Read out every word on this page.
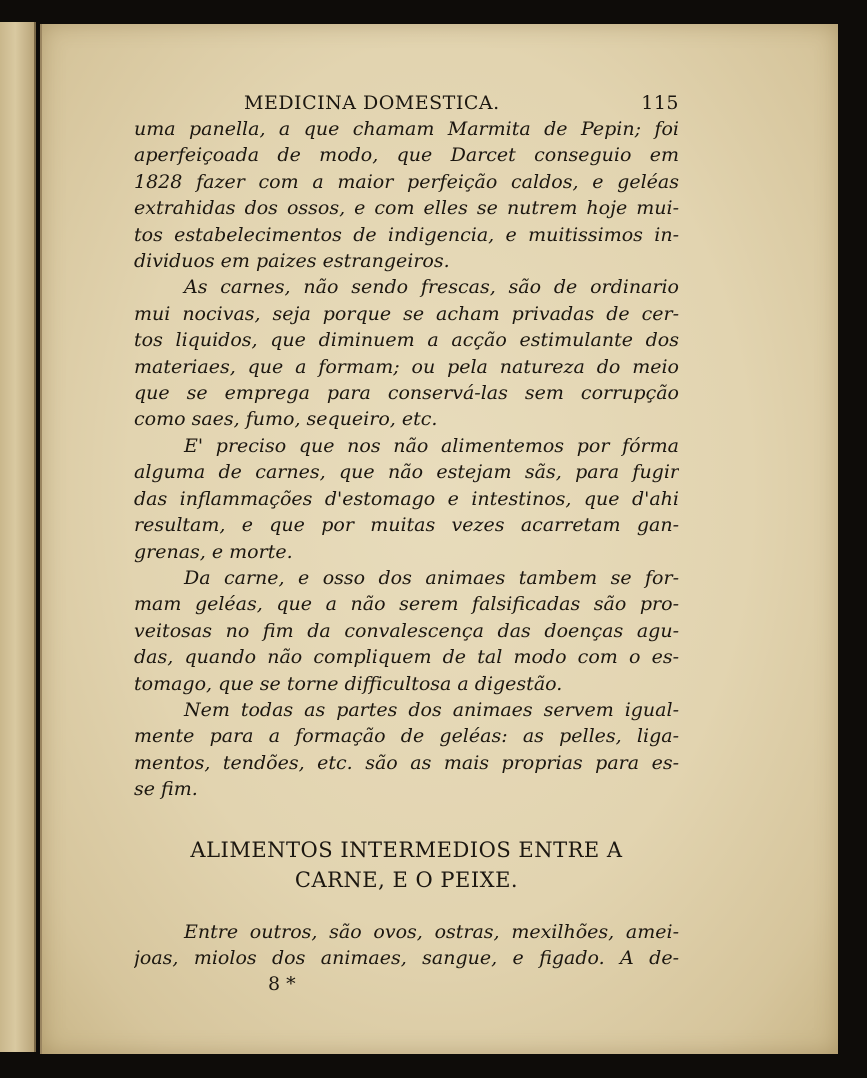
MEDICINA DOMESTICA.	115
uma panella, a que chamam Marmita de Pepin; foi
aperfeiçoada de modo, que Darcet conseguio em
1828 fazer com a maior perfeição caldos, e geléas
extrahidas dos ossos, e com elles se nutrem hoje mui-
tos estabelecimentos de indigencia, e muitissimos in-
dividuos em paizes estrangeiros.
As carnes, não sendo frescas, são de ordinario
mui nocivas, seja porque se acham privadas de cer-
tos liquidos, que diminuem a acção estimulante dos
materiaes, que a formam; ou pela natureza do meio
que se emprega para conservá-las sem corrupção
como saes, fumo, sequeiro, etc.
E' preciso que nos não alimentemos por fórma
alguma de carnes, que não estejam sãs, para fugir
das inflammações d'estomago e intestinos, que d'ahi
resultam, e que por muitas vezes acarretam gan-
grenas, e morte.
Da carne, e osso dos animaes tambem se for-
mam geléas, que a não serem falsificadas são pro-
veitosas no fim da convalescença das doenças agu-
das, quando não compliquem de tal modo com o es-
tomago, que se torne difficultosa a digestão.
Nem todas as partes dos animaes servem igual-
mente para a formação de geléas: as pelles, liga-
mentos, tendões, etc. são as mais proprias para es-
se fim.
ALIMENTOS INTERMEDIOS ENTRE A
CARNE, E O PEIXE.
Entre outros, são ovos, ostras, mexilhões, amei-
joas, miolos dos animaes, sangue, e figado. A de-
8 *
